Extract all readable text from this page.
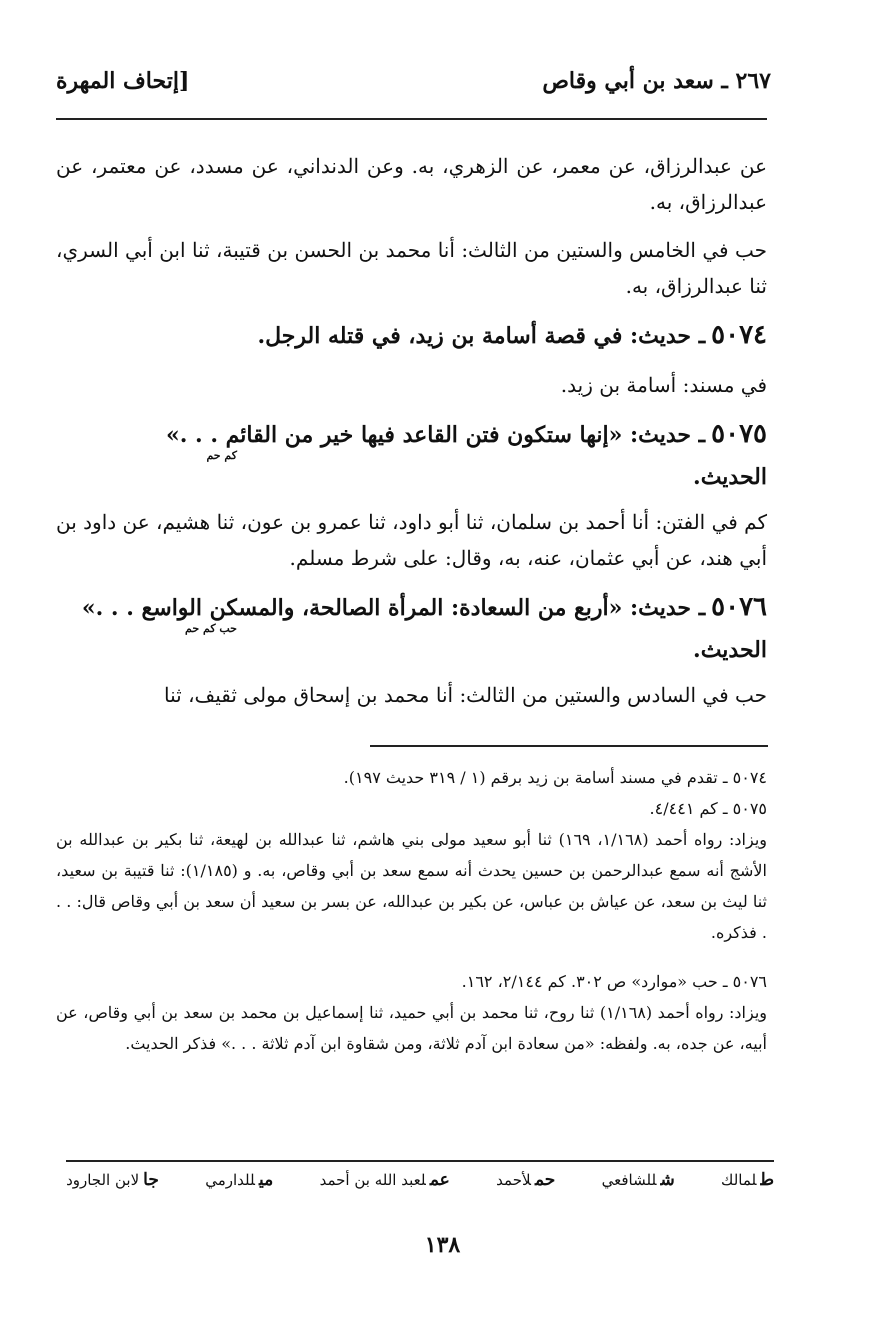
٢٦٧ ـ سعد بن أبي وقاص
[إتحاف المهرة

عن عبدالرزاق، عن معمر، عن الزهري، به. وعن الدنداني، عن مسدد، عن معتمر، عن عبدالرزاق، به.

حب في الخامس والستين من الثالث: أنا محمد بن الحسن بن قتيبة، ثنا ابن أبي السري، ثنا عبدالرزاق، به.

٥٠٧٤ـ حديث: في قصة أسامة بن زيد، في قتله الرجل.

في مسند: أسامة بن زيد.

٥٠٧٥ـ حديث: «إنها ستكون فتن القاعد فيها خير من القائم . . .»
كم حم
الحديث.

كم في الفتن: أنا أحمد بن سلمان، ثنا أبو داود، ثنا عمرو بن عون، ثنا هشيم، عن داود بن أبي هند، عن أبي عثمان، عنه، به، وقال: على شرط مسلم.

٥٠٧٦ـ حديث: «أربع من السعادة: المرأة الصالحة، والمسكن الواسع . . .»
حب كم حم
الحديث.

حب في السادس والستين من الثالث: أنا محمد بن إسحاق مولى ثقيف، ثنا

٥٠٧٤ ـ تقدم في مسند أسامة بن زيد برقم (١ / ٣١٩ حديث ١٩٧).

٥٠٧٥ ـ كم ٤/٤٤١.

ويزاد: رواه أحمد (١/١٦٨، ١٦٩) ثنا أبو سعيد مولى بني هاشم، ثنا عبدالله بن لهيعة، ثنا بكير بن عبدالله بن الأشج أنه سمع عبدالرحمن بن حسين يحدث أنه سمع سعد بن أبي وقاص، به. و (١/١٨٥): ثنا قتيبة بن سعيد، ثنا ليث بن سعد، عن عياش بن عباس، عن بكير بن عبدالله، عن بسر بن سعيد أن سعد بن أبي وقاص قال: . . . فذكره.

٥٠٧٦ ـ حب «موارد» ص ٣٠٢. كم ٢/١٤٤، ١٦٢.

ويزاد: رواه أحمد (١/١٦٨) ثنا روح، ثنا محمد بن أبي حميد، ثنا إسماعيل بن محمد بن سعد بن أبي وقاص، عن أبيه، عن جده، به. ولفظه: «من سعادة ابن آدم ثلاثة، ومن شقاوة ابن آدم ثلاثة . . .» فذكر الحديث.

طلمالك
شللشافعي
حملأحمد
عملعبد الله بن أحمد
ميللدارمي
جالابن الجارود
١٣٨
